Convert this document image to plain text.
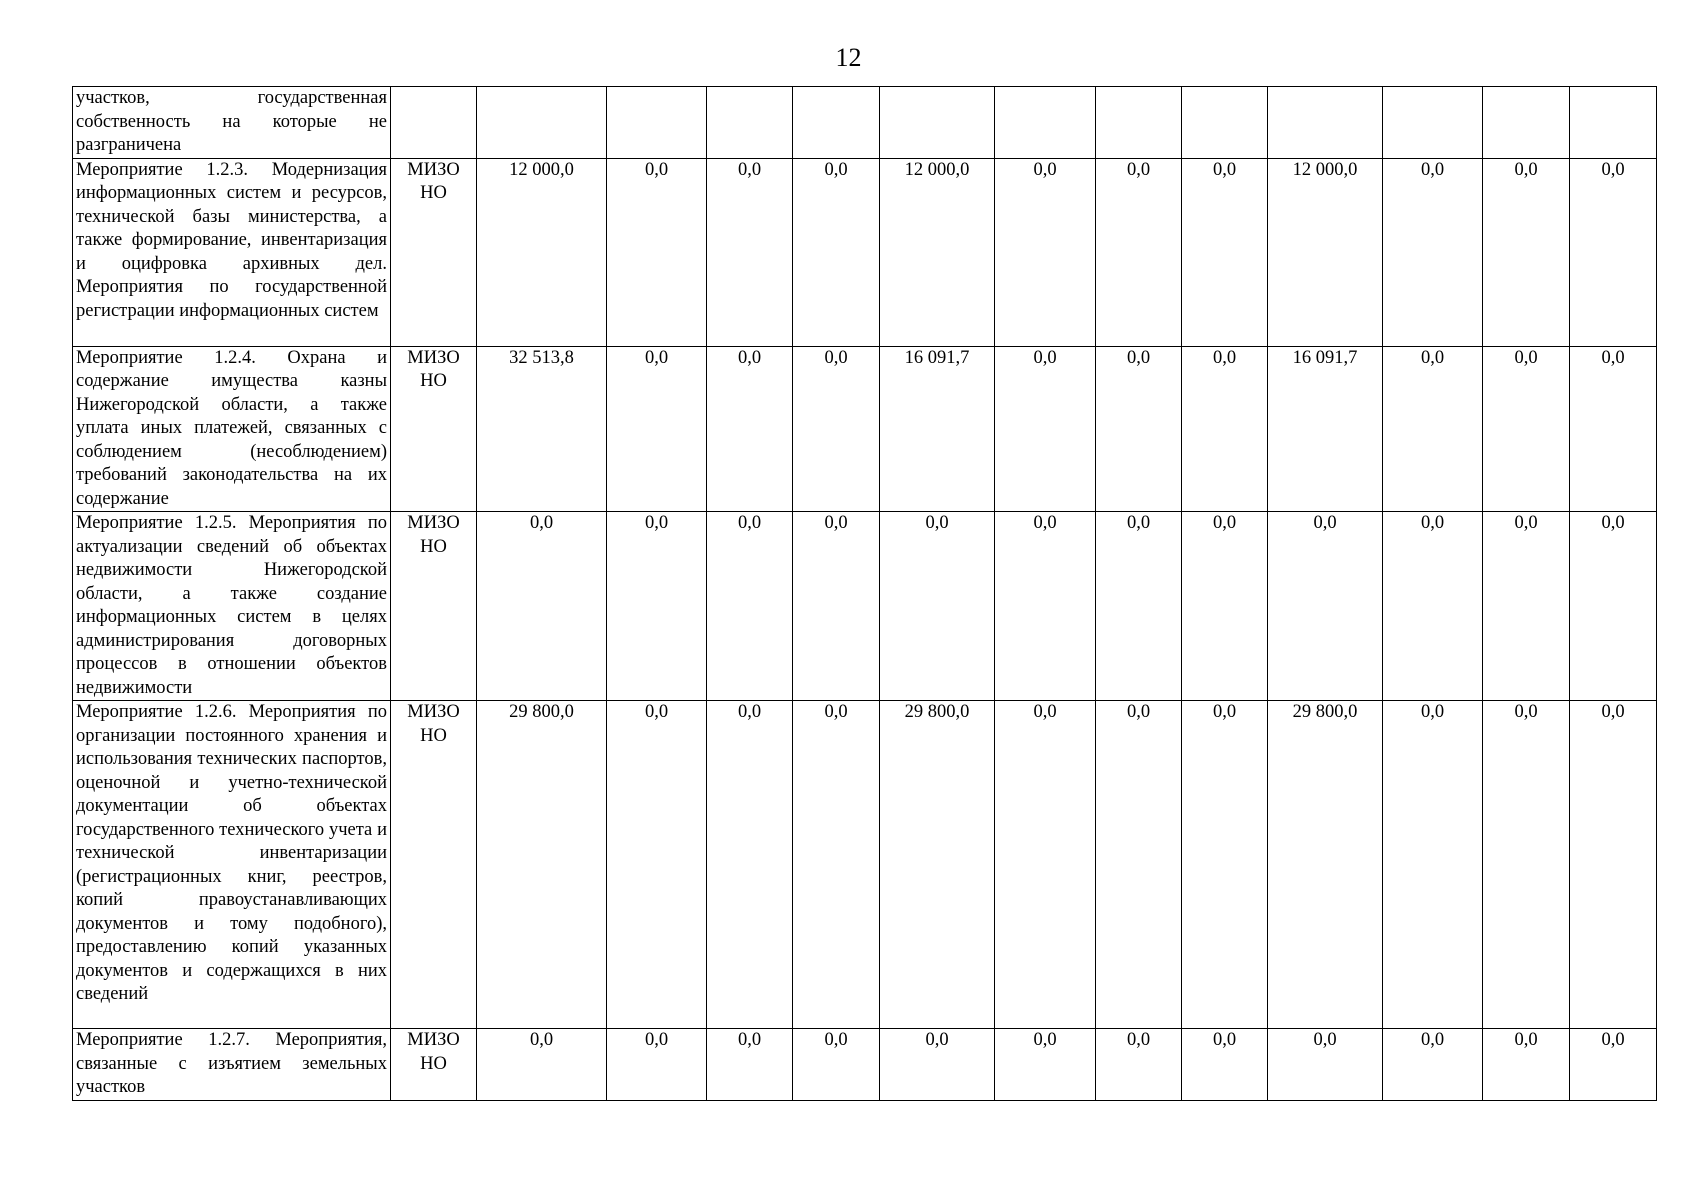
12
участков, государственная собственность на которые не разграничена													
Мероприятие 1.2.3. Модернизация информационных систем и ресурсов, технической базы министерства, а также формирование, инвентаризация и оцифровка архивных дел. Мероприятия по государственной регистрации информационных систем	МИЗО НО	12 000,0	0,0	0,0	0,0	12 000,0	0,0	0,0	0,0	12 000,0	0,0	0,0	0,0
Мероприятие 1.2.4. Охрана и содержание имущества казны Нижегородской области, а также уплата иных платежей, связанных с соблюдением (несоблюдением) требований законодательства на их содержание	МИЗО НО	32 513,8	0,0	0,0	0,0	16 091,7	0,0	0,0	0,0	16 091,7	0,0	0,0	0,0
Мероприятие 1.2.5. Мероприятия по актуализации сведений об объектах недвижимости Нижегородской области, а также создание информационных систем в целях администрирования договорных процессов в отношении объектов недвижимости	МИЗО НО	0,0	0,0	0,0	0,0	0,0	0,0	0,0	0,0	0,0	0,0	0,0	0,0
Мероприятие 1.2.6. Мероприятия по организации постоянного хранения и использования технических паспортов, оценочной и учетно-технической документации об объектах государственного технического учета и технической инвентаризации (регистрационных книг, реестров, копий правоустанавливающих документов и тому подобного), предоставлению копий указанных документов и содержащихся в них сведений	МИЗО НО	29 800,0	0,0	0,0	0,0	29 800,0	0,0	0,0	0,0	29 800,0	0,0	0,0	0,0
Мероприятие 1.2.7. Мероприятия, связанные с изъятием земельных участков	МИЗО НО	0,0	0,0	0,0	0,0	0,0	0,0	0,0	0,0	0,0	0,0	0,0	0,0
